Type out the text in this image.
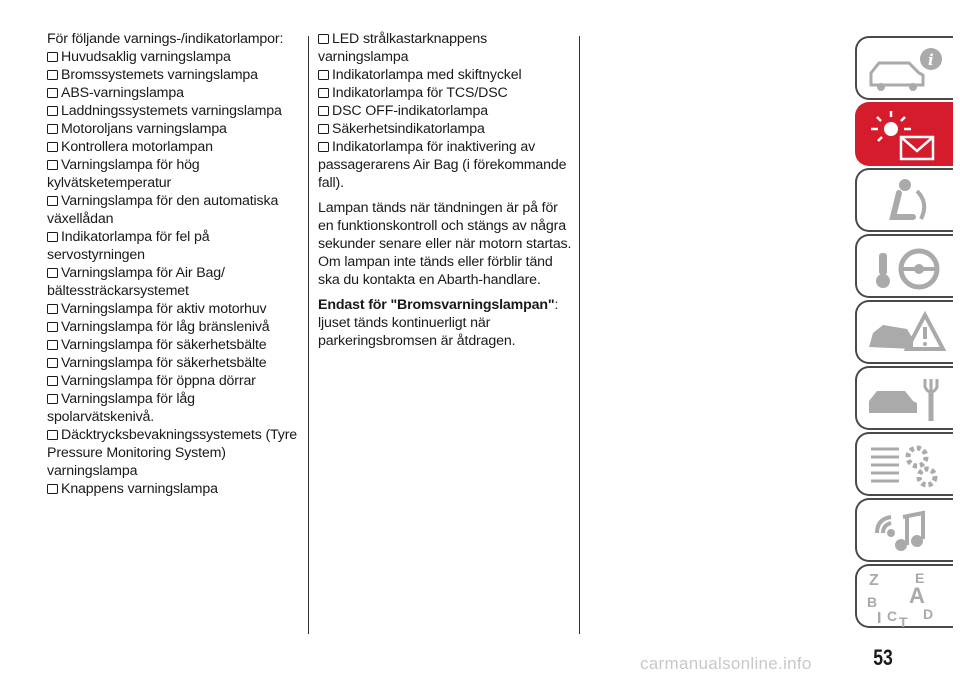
För följande varnings-/indikatorlampor:
Huvudsaklig varningslampa
Bromssystemets varningslampa
ABS-varningslampa
Laddningssystemets varningslampa
Motoroljans varningslampa
Kontrollera motorlampan
Varningslampa för hög kylvätsketemperatur
Varningslampa för den automatiska växellådan
Indikatorlampa för fel på servostyrningen
Varningslampa för Air Bag/ bältessträckarsystemet
Varningslampa för aktiv motorhuv
Varningslampa för låg bränslenivå
Varningslampa för säkerhetsbälte
Varningslampa för säkerhetsbälte
Varningslampa för öppna dörrar
Varningslampa för låg spolarvätskenivå.
Däcktrycksbevakningssystemets (Tyre Pressure Monitoring System) varningslampa
Knappens varningslampa
LED strålkastarknappens varningslampa
Indikatorlampa med skiftnyckel
Indikatorlampa för TCS/DSC
DSC OFF-indikatorlampa
Säkerhetsindikatorlampa
Indikatorlampa för inaktivering av passagerarens Air Bag (i förekommande fall).
Lampan tänds när tändningen är på för en funktionskontroll och stängs av några sekunder senare eller när motorn startas. Om lampan inte tänds eller förblir tänd ska du kontakta en Abarth-handlare.
Endast för "Bromsvarningslampan": ljuset tänds kontinuerligt när parkeringsbromsen är åtdragen.
i
Z	E
B A
C D
I T
53
carmanualsonline.info
